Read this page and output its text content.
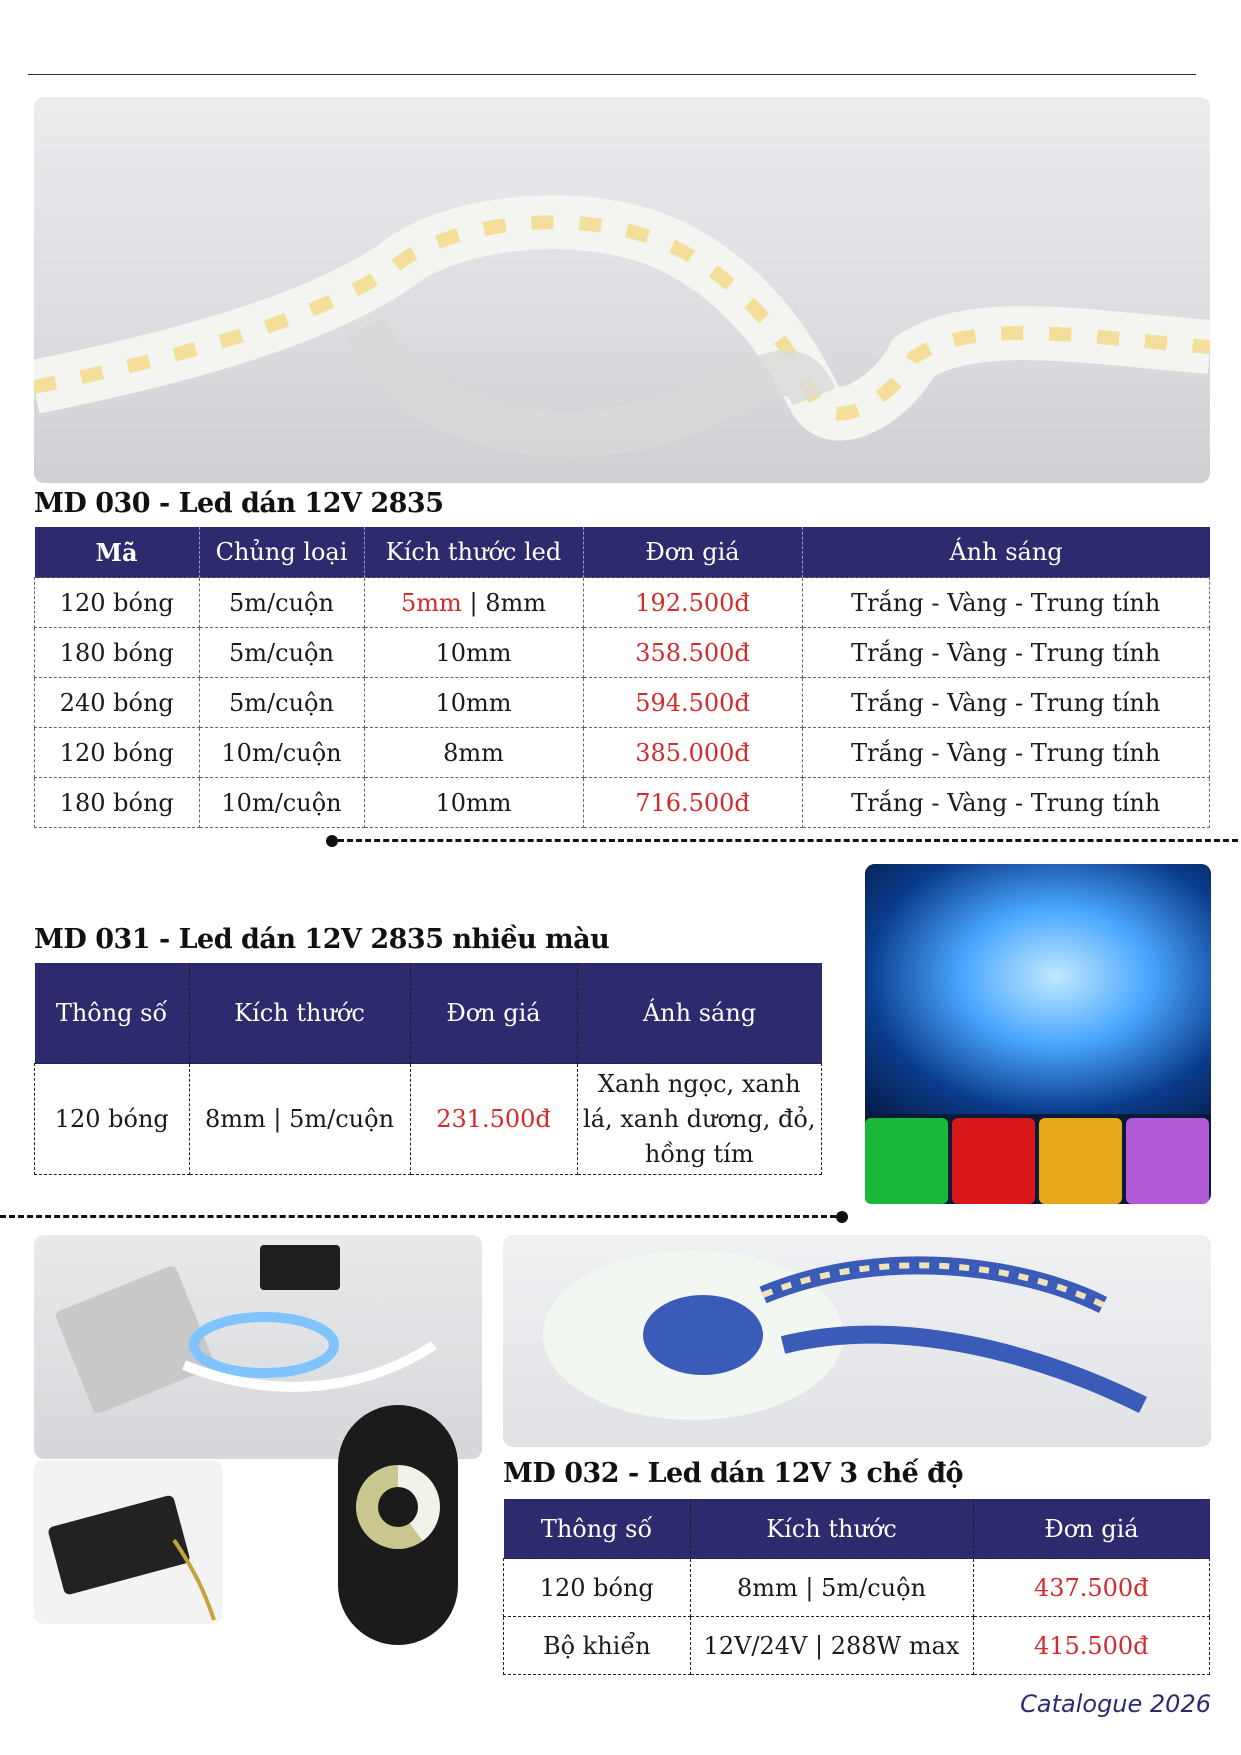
MD 030 - Led dán 12V 2835
Mã	Chủng loại	Kích thước led	Đơn giá	Ánh sáng
120 bóng	5m/cuộn	5mm | 8mm	192.500đ	Trắng - Vàng - Trung tính
180 bóng	5m/cuộn	10mm	358.500đ	Trắng - Vàng - Trung tính
240 bóng	5m/cuộn	10mm	594.500đ	Trắng - Vàng - Trung tính
120 bóng	10m/cuộn	8mm	385.000đ	Trắng - Vàng - Trung tính
180 bóng	10m/cuộn	10mm	716.500đ	Trắng - Vàng - Trung tính
MD 031 - Led dán 12V 2835 nhiều màu
Thông số	Kích thước	Đơn giá	Ánh sáng
120 bóng	8mm | 5m/cuộn	231.500đ	Xanh ngọc, xanh lá, xanh dương, đỏ, hồng tím
MD 032 - Led dán 12V 3 chế độ
Thông số	Kích thước	Đơn giá
120 bóng	8mm | 5m/cuộn	437.500đ
Bộ khiển	12V/24V | 288W max	415.500đ
Catalogue 2026
